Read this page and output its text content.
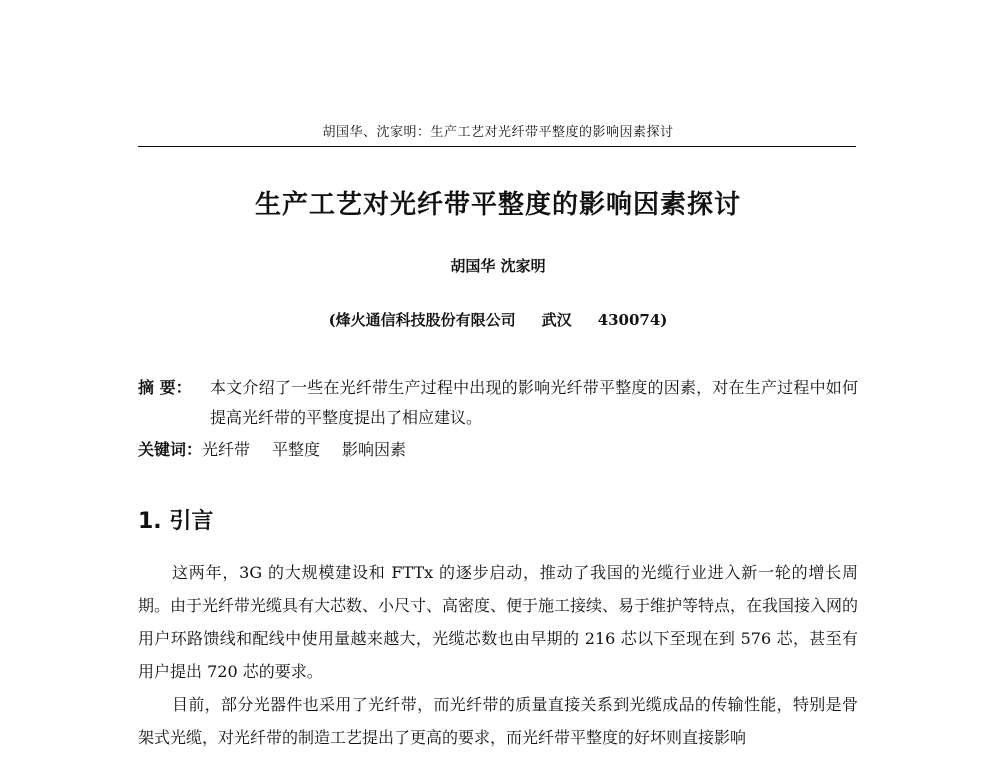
胡国华、沈家明：生产工艺对光纤带平整度的影响因素探讨
生产工艺对光纤带平整度的影响因素探讨
胡国华 沈家明
(烽火通信科技股份有限公司 武汉 430074)
摘 要： 本文介绍了一些在光纤带生产过程中出现的影响光纤带平整度的因素，对在生产过程中如何提高光纤带的平整度提出了相应建议。
关键词：光纤带 平整度 影响因素
1. 引言
这两年，3G 的大规模建设和 FTTx 的逐步启动，推动了我国的光缆行业进入新一轮的增长周期。由于光纤带光缆具有大芯数、小尺寸、高密度、便于施工接续、易于维护等特点，在我国接入网的用户环路馈线和配线中使用量越来越大，光缆芯数也由早期的 216 芯以下至现在到 576 芯，甚至有用户提出 720 芯的要求。
目前，部分光器件也采用了光纤带，而光纤带的质量直接关系到光缆成品的传输性能，特别是骨架式光缆，对光纤带的制造工艺提出了更高的要求，而光纤带平整度的好坏则直接影响
